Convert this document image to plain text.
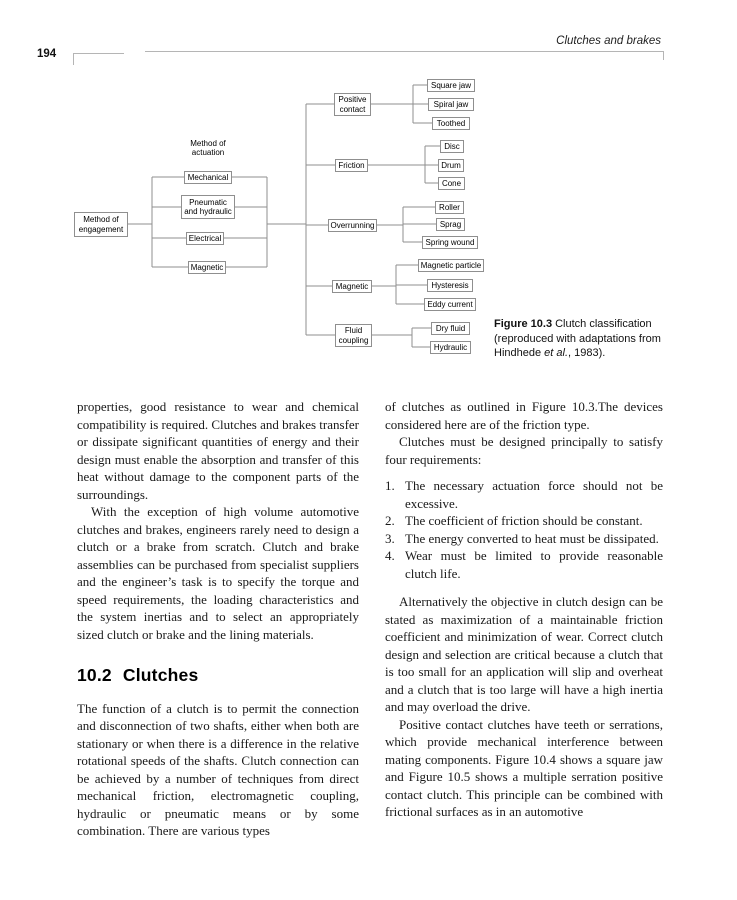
194
Clutches and brakes
Method of actuation
Method of engagement
Mechanical
Pneumatic and hydraulic
Electrical
Magnetic
Positive contact
Square jaw
Spiral jaw
Toothed
Friction
Disc
Drum
Cone
Overrunning
Roller
Sprag
Spring wound
Magnetic
Magnetic particle
Hysteresis
Eddy current
Fluid coupling
Dry fluid
Hydraulic
Figure 10.3 Clutch classification (reproduced with adaptations from Hindhede et al., 1983).

properties, good resistance to wear and chemical compatibility is required. Clutches and brakes transfer or dissipate significant quantities of energy and their design must enable the absorption and transfer of this heat without damage to the component parts of the surroundings.

With the exception of high volume automotive clutches and brakes, engineers rarely need to design a clutch or a brake from scratch. Clutch and brake assemblies can be purchased from specialist suppliers and the engineer’s task is to specify the torque and speed requirements, the loading characteristics and the system inertias and to select an appropriately sized clutch or brake and the lining materials.

10.2 Clutches

The function of a clutch is to permit the connection and disconnection of two shafts, either when both are stationary or when there is a difference in the relative rotational speeds of the shafts. Clutch connection can be achieved by a number of techniques from direct mechanical friction, electromagnetic coupling, hydraulic or pneumatic means or by some combination. There are various types

of clutches as outlined in Figure 10.3.The devices considered here are of the friction type.

Clutches must be designed principally to satisfy four requirements:

1. The necessary actuation force should not be excessive.
2. The coefficient of friction should be constant.
3. The energy converted to heat must be dissipated.
4. Wear must be limited to provide reasonable clutch life.

Alternatively the objective in clutch design can be stated as maximization of a maintainable friction coefficient and minimization of wear. Correct clutch design and selection are critical because a clutch that is too small for an application will slip and overheat and a clutch that is too large will have a high inertia and may overload the drive.

Positive contact clutches have teeth or serrations, which provide mechanical interference between mating components. Figure 10.4 shows a square jaw and Figure 10.5 shows a multiple serration positive contact clutch. This principle can be combined with frictional surfaces as in an automotive
